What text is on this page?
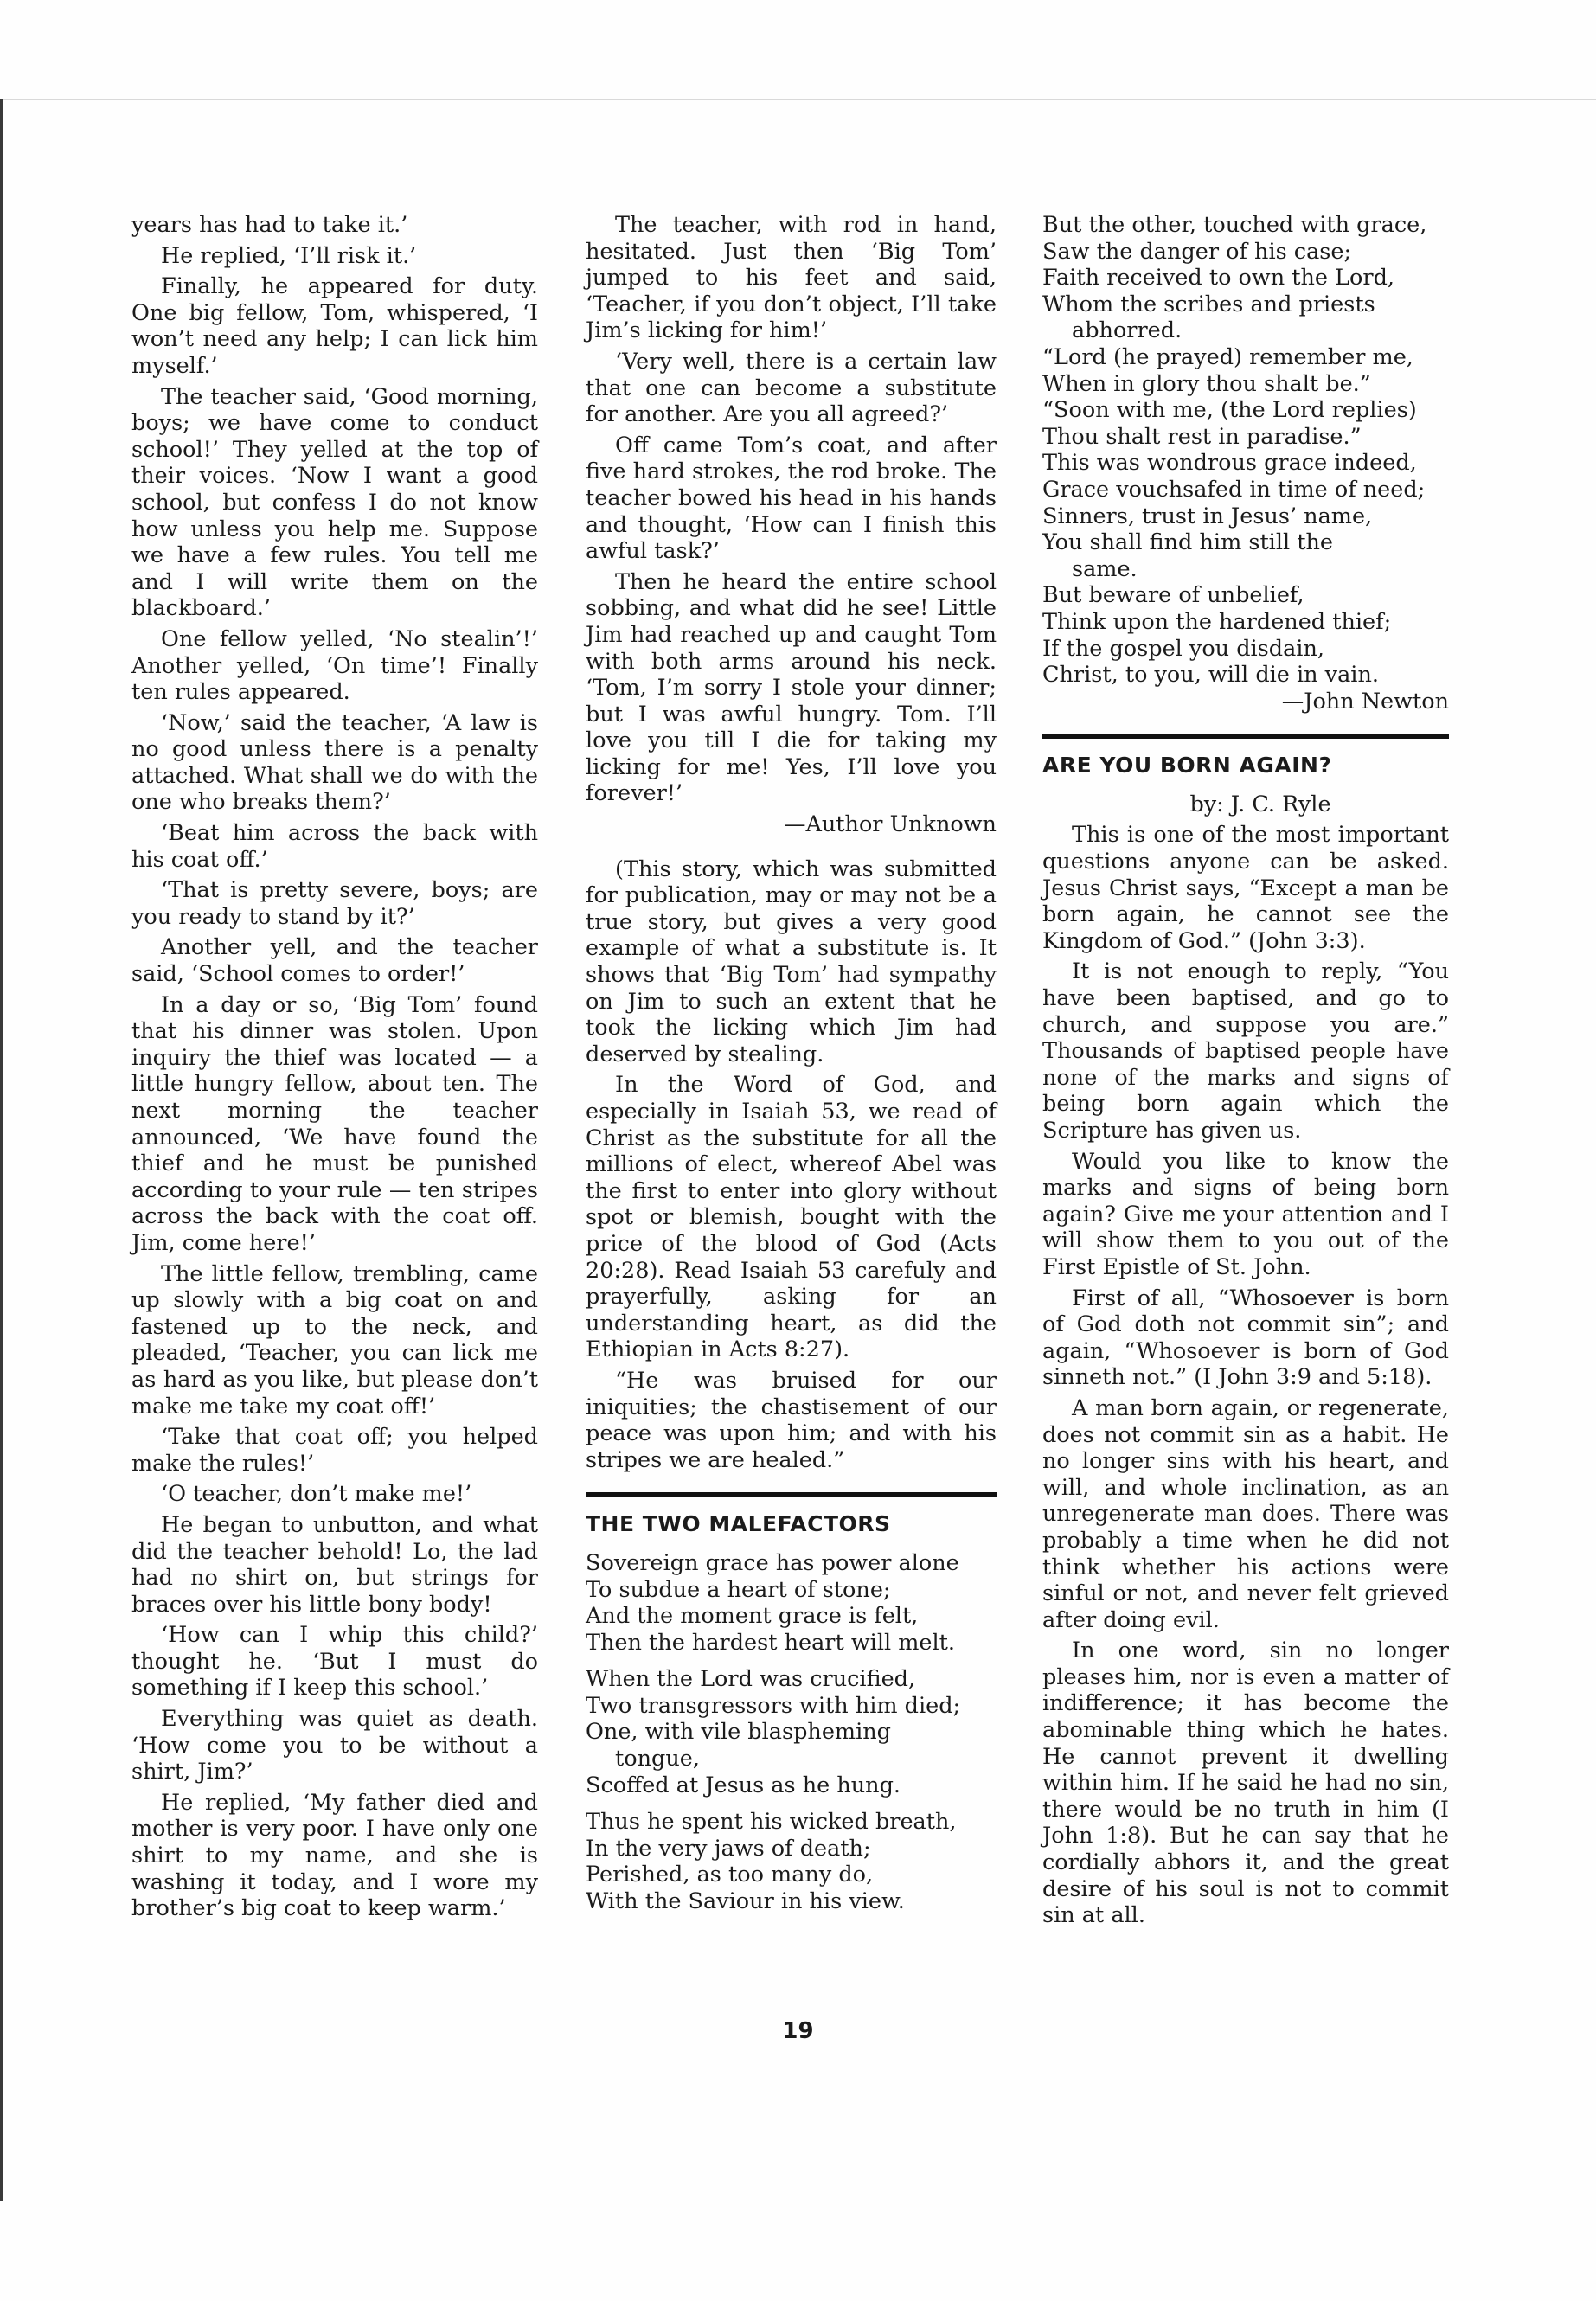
years has had to take it.’

He replied, ‘I’ll risk it.’

Finally, he appeared for duty. One big fellow, Tom, whispered, ‘I won’t need any help; I can lick him myself.’

The teacher said, ‘Good morning, boys; we have come to conduct school!’ They yelled at the top of their voices. ‘Now I want a good school, but confess I do not know how unless you help me. Suppose we have a few rules. You tell me and I will write them on the blackboard.’

One fellow yelled, ‘No stealin’!’ Another yelled, ‘On time’! Finally ten rules appeared.

‘Now,’ said the teacher, ‘A law is no good unless there is a penalty attached. What shall we do with the one who breaks them?’

‘Beat him across the back with his coat off.’

‘That is pretty severe, boys; are you ready to stand by it?’

Another yell, and the teacher said, ‘School comes to order!’

In a day or so, ‘Big Tom’ found that his dinner was stolen. Upon inquiry the thief was located — a little hungry fellow, about ten. The next morning the teacher announced, ‘We have found the thief and he must be punished according to your rule — ten stripes across the back with the coat off. Jim, come here!’

The little fellow, trembling, came up slowly with a big coat on and fastened up to the neck, and pleaded, ‘Teacher, you can lick me as hard as you like, but please don’t make me take my coat off!’

‘Take that coat off; you helped make the rules!’

‘O teacher, don’t make me!’

He began to unbutton, and what did the teacher behold! Lo, the lad had no shirt on, but strings for braces over his little bony body!

‘How can I whip this child?’ thought he. ‘But I must do something if I keep this school.’

Everything was quiet as death. ‘How come you to be without a shirt, Jim?’

He replied, ‘My father died and mother is very poor. I have only one shirt to my name, and she is washing it today, and I wore my brother’s big coat to keep warm.’

The teacher, with rod in hand, hesitated. Just then ‘Big Tom’ jumped to his feet and said, ‘Teacher, if you don’t object, I’ll take Jim’s licking for him!’

‘Very well, there is a certain law that one can become a substitute for another. Are you all agreed?’

Off came Tom’s coat, and after five hard strokes, the rod broke. The teacher bowed his head in his hands and thought, ‘How can I finish this awful task?’

Then he heard the entire school sobbing, and what did he see! Little Jim had reached up and caught Tom with both arms around his neck. ‘Tom, I’m sorry I stole your dinner; but I was awful hungry. Tom. I’ll love you till I die for taking my licking for me! Yes, I’ll love you forever!’

—Author Unknown

(This story, which was submitted for publication, may or may not be a true story, but gives a very good example of what a substitute is. It shows that ‘Big Tom’ had sympathy on Jim to such an extent that he took the licking which Jim had deserved by stealing.

In the Word of God, and especially in Isaiah 53, we read of Christ as the substitute for all the millions of elect, whereof Abel was the first to enter into glory without spot or blemish, bought with the price of the blood of God (Acts 20:28). Read Isaiah 53 carefuly and prayerfully, asking for an understanding heart, as did the Ethiopian in Acts 8:27).

“He was bruised for our iniquities; the chastisement of our peace was upon him; and with his stripes we are healed.”

THE TWO MALEFACTORS
Sovereign grace has power alone
To subdue a heart of stone;
And the moment grace is felt,
Then the hardest heart will melt.
When the Lord was crucified,
Two transgressors with him died;
One, with vile blaspheming
tongue,
Scoffed at Jesus as he hung.
Thus he spent his wicked breath,
In the very jaws of death;
Perished, as too many do,
With the Saviour in his view.
But the other, touched with grace,
Saw the danger of his case;
Faith received to own the Lord,
Whom the scribes and priests
abhorred.
“Lord (he prayed) remember me,
When in glory thou shalt be.”
“Soon with me, (the Lord replies)
Thou shalt rest in paradise.”
This was wondrous grace indeed,
Grace vouchsafed in time of need;
Sinners, trust in Jesus’ name,
You shall find him still the
same.
But beware of unbelief,
Think upon the hardened thief;
If the gospel you disdain,
Christ, to you, will die in vain.

—John Newton

ARE YOU BORN AGAIN?

by: J. C. Ryle

This is one of the most important questions anyone can be asked. Jesus Christ says, “Except a man be born again, he cannot see the Kingdom of God.” (John 3:3).

It is not enough to reply, “You have been baptised, and go to church, and suppose you are.” Thousands of baptised people have none of the marks and signs of being born again which the Scripture has given us.

Would you like to know the marks and signs of being born again? Give me your attention and I will show them to you out of the First Epistle of St. John.

First of all, “Whosoever is born of God doth not commit sin”; and again, “Whosoever is born of God sinneth not.” (I John 3:9 and 5:18).

A man born again, or regenerate, does not commit sin as a habit. He no longer sins with his heart, and will, and whole inclination, as an unregenerate man does. There was probably a time when he did not think whether his actions were sinful or not, and never felt grieved after doing evil.

In one word, sin no longer pleases him, nor is even a matter of indifference; it has become the abominable thing which he hates. He cannot prevent it dwelling within him. If he said he had no sin, there would be no truth in him (I John 1:8). But he can say that he cordially abhors it, and the great desire of his soul is not to commit sin at all.

19
